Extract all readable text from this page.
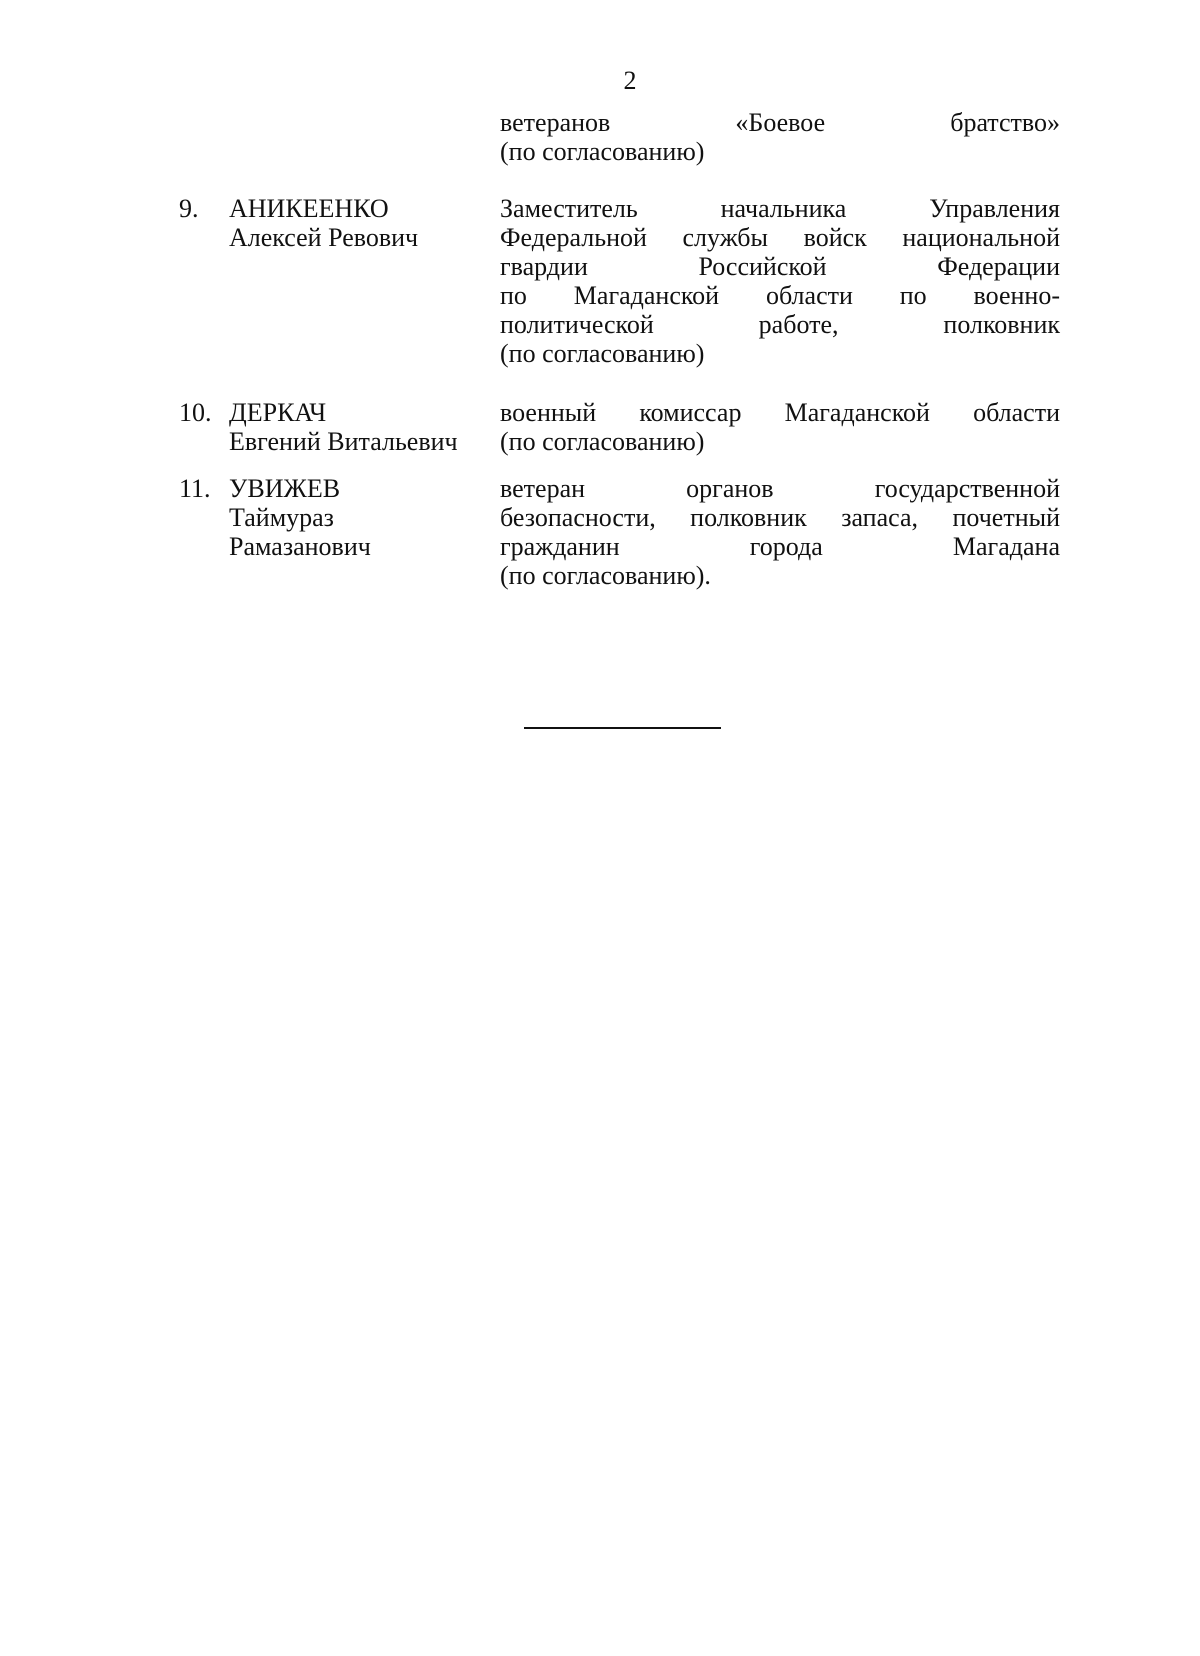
2
ветеранов «Боевое братство»
(по согласованию)
9. АНИКЕЕНКО
Алексей Ревович
Заместитель начальника Управления
Федеральной службы войск национальной
гвардии Российской Федерации
по Магаданской области по военно-
политической работе, полковник
(по согласованию)
10. ДЕРКАЧ
Евгений Витальевич
военный комиссар Магаданской области
(по согласованию)
11. УВИЖЕВ
Таймураз
Рамазанович
ветеран органов государственной
безопасности, полковник запаса, почетный
гражданин города Магадана
(по согласованию).
